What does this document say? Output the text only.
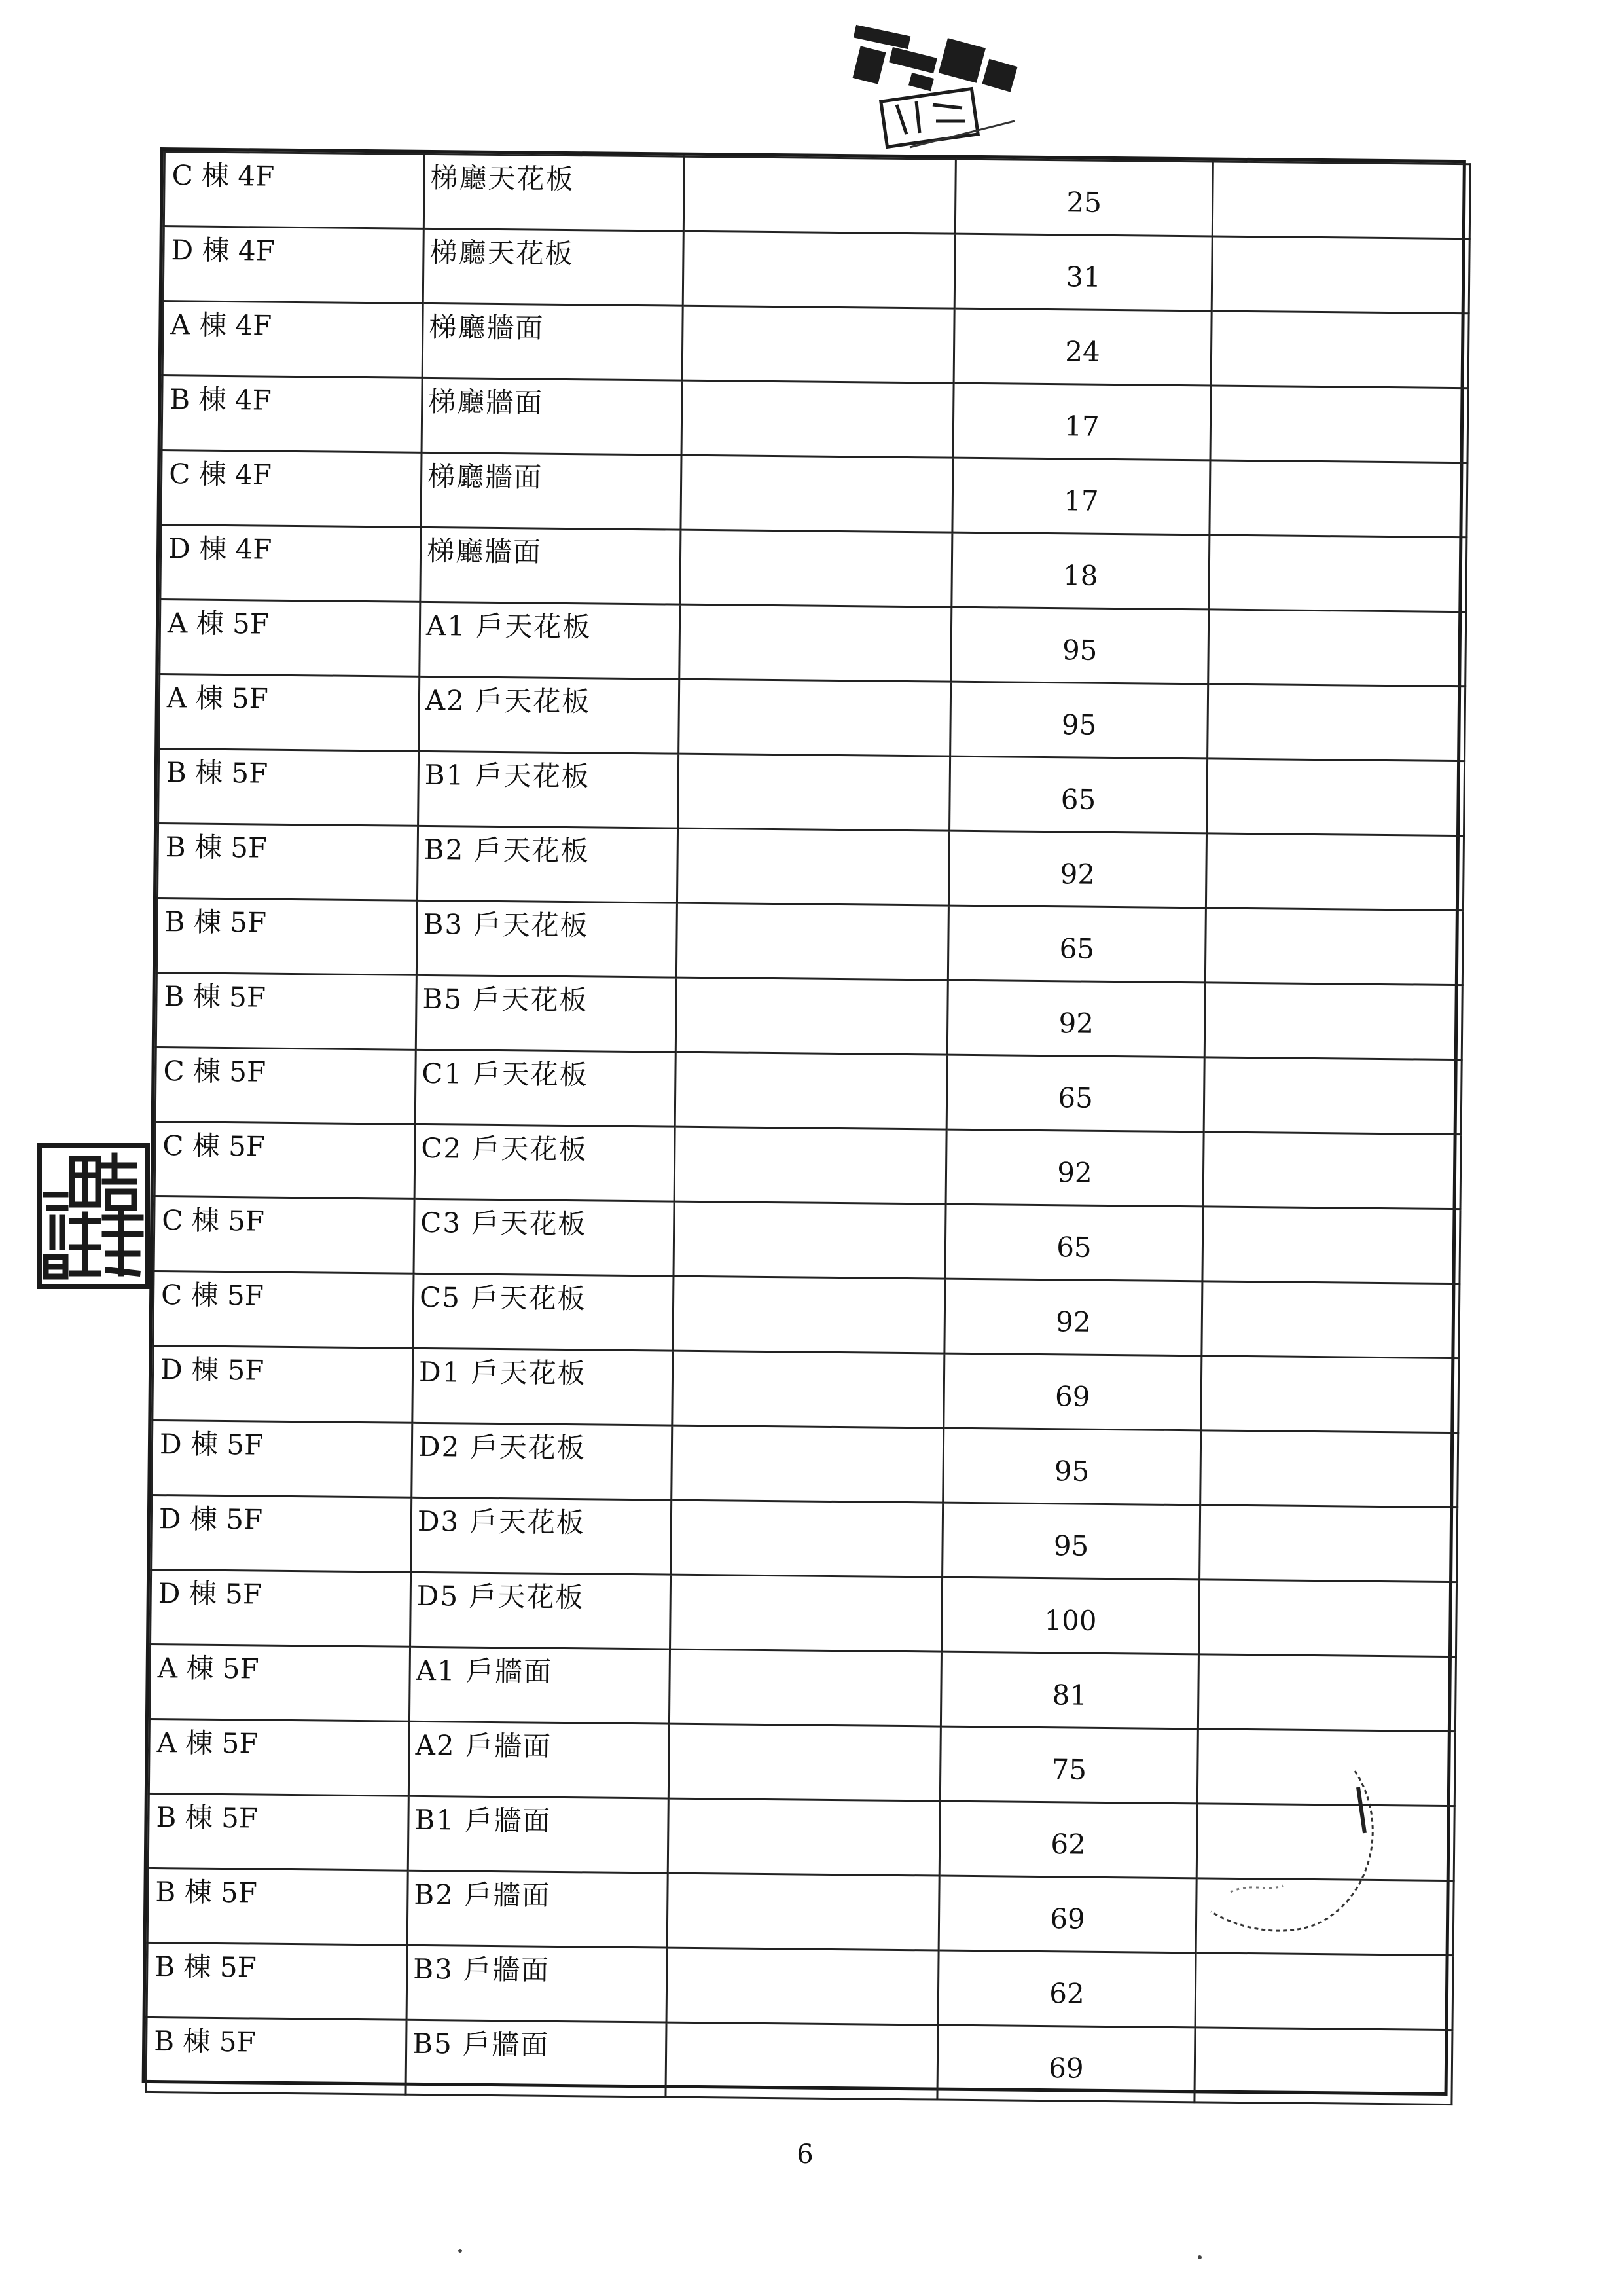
C 棟 4F	梯廳天花板		25	

D 棟 4F	梯廳天花板		31	

A 棟 4F	梯廳牆面		24	

B 棟 4F	梯廳牆面		17	

C 棟 4F	梯廳牆面		17	

D 棟 4F	梯廳牆面		18	

A 棟 5F	A1 戶天花板		95	

A 棟 5F	A2 戶天花板		95	

B 棟 5F	B1 戶天花板		65	

B 棟 5F	B2 戶天花板		92	

B 棟 5F	B3 戶天花板		65	

B 棟 5F	B5 戶天花板		92	

C 棟 5F	C1 戶天花板		65	

C 棟 5F	C2 戶天花板		92	

C 棟 5F	C3 戶天花板		65	

C 棟 5F	C5 戶天花板		92	

D 棟 5F	D1 戶天花板		69	

D 棟 5F	D2 戶天花板		95	

D 棟 5F	D3 戶天花板		95	

D 棟 5F	D5 戶天花板		100	

A 棟 5F	A1 戶牆面		81	

A 棟 5F	A2 戶牆面		75	

B 棟 5F	B1 戶牆面		62	

B 棟 5F	B2 戶牆面		69	

B 棟 5F	B3 戶牆面		62	

B 棟 5F	B5 戶牆面		69	

6
